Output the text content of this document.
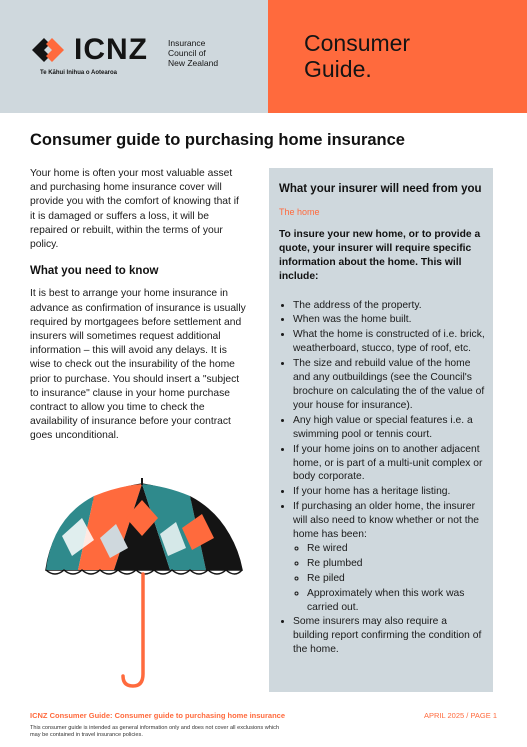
ICNZ Insurance
Council of
New Zealand
Te Kāhui Inihua o Aotearoa
Consumer
Guide.
Consumer guide to purchasing home insurance

Your home is often your most valuable asset and purchasing home insurance cover will provide you with the comfort of knowing that if it is damaged or suffers a loss, it will be repaired or rebuilt, within the terms of your policy.

What you need to know

It is best to arrange your home insurance in advance as confirmation of insurance is usually required by mortgagees before settlement and insurers will sometimes request additional information – this will avoid any delays. It is wise to check out the insurability of the home prior to purchase. You should insert a "subject to insurance" clause in your home purchase contract to allow you time to check the availability of insurance before your contract goes unconditional.

What your insurer will need from you

The home

To insure your new home, or to provide a quote, your insurer will require specific information about the home. This will include:

• The address of the property.
• When was the home built.
• What the home is constructed of i.e. brick, weatherboard, stucco, type of roof, etc.
• The size and rebuild value of the home and any outbuildings (see the Council's brochure on calculating the of the value of your house for insurance).
• Any high value or special features i.e. a swimming pool or tennis court.
• If your home joins on to another adjacent home, or is part of a multi-unit complex or body corporate.
• If your home has a heritage listing.
• If purchasing an older home, the insurer will also need to know whether or not the home has been:
◦ Re wired
◦ Re plumbed
◦ Re piled
◦ Approximately when this work was carried out.
• Some insurers may also require a building report confirming the condition of the home.
ICNZ Consumer Guide: Consumer guide to purchasing home insurance	APRIL 2025 / PAGE 1
This consumer guide is intended as general information only and does not cover all exclusions which may be contained in travel insurance policies.
